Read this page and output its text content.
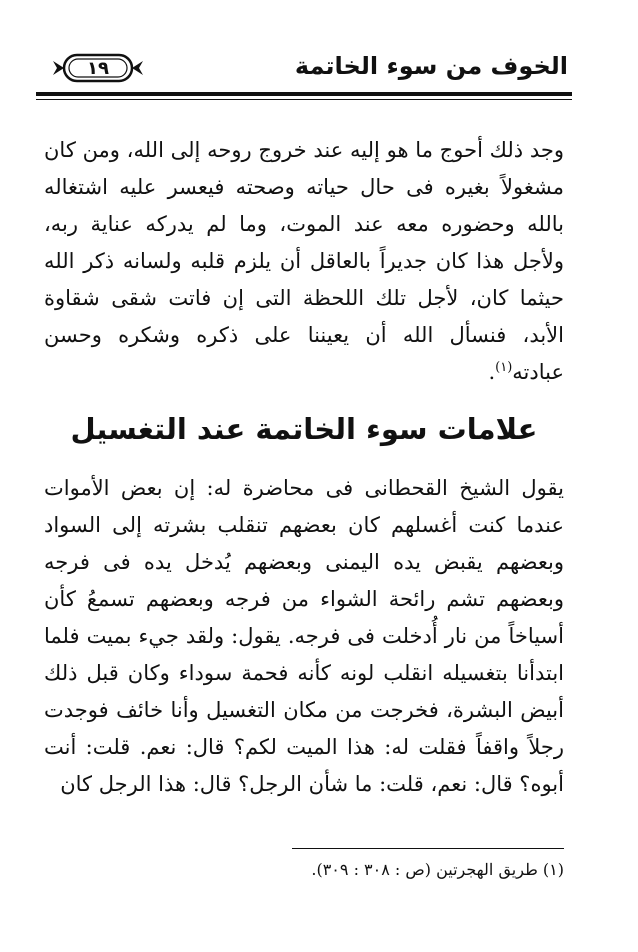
الخوف من سوء الخاتمة
١٩

وجد ذلك أحوج ما هو إليه عند خروج روحه إلى الله، ومن كان مشغولاً بغيره فى حال حياته وصحته فيعسر عليه اشتغاله بالله وحضوره معه عند الموت، وما لم يدركه عناية ربه، ولأجل هذا كان جديراً بالعاقل أن يلزم قلبه ولسانه ذكر الله حيثما كان، لأجل تلك اللحظة التى إن فاتت شقى شقاوة الأبد، فنسأل الله أن يعيننا على ذكره وشكره وحسن عبادته$^{(١)}$.

علامات سوء الخاتمة عند التغسيل

يقول الشيخ القحطانى فى محاضرة له: إن بعض الأموات عندما كنت أغسلهم كان بعضهم تنقلب بشرته إلى السواد وبعضهم يقبض يده اليمنى وبعضهم يُدخل يده فى فرجه وبعضهم تشم رائحة الشواء من فرجه وبعضهم تسمعُ كأن أسياخاً من نار أُدخلت فى فرجه. يقول: ولقد جيء بميت فلما ابتدأنا بتغسيله انقلب لونه كأنه فحمة سوداء وكان قبل ذلك أبيض البشرة، فخرجت من مكان التغسيل وأنا خائف فوجدت رجلاً واقفاً فقلت له: هذا الميت لكم؟ قال: نعم. قلت: أنت أبوه؟ قال: نعم، قلت: ما شأن الرجل؟ قال: هذا الرجل كان

(١) طريق الهجرتين (ص : ٣٠٨ : ٣٠٩).
